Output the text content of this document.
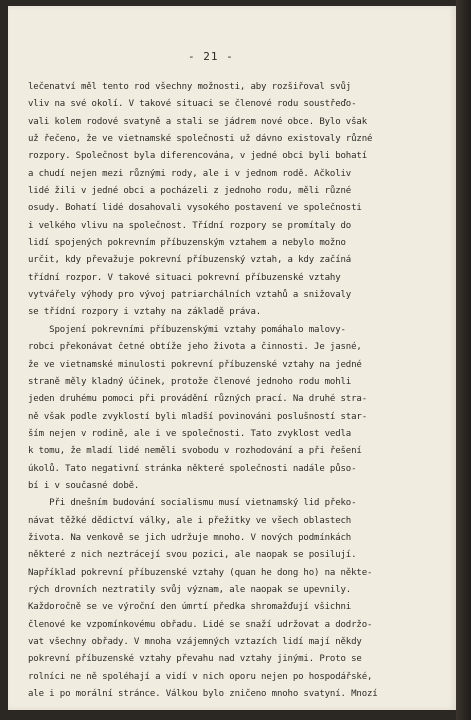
- 21 -
lečenatví měl tento rod všechny možnosti, aby rozšiřoval svůj
vliv na své okolí. V takové situaci se členové rodu soustřeďo-
vali kolem rodové svatyně a stali se jádrem nové obce. Bylo však
už řečeno, že ve vietnamské společnosti už dávno existovaly různé
rozpory. Společnost byla diferencována, v jedné obci byli bohatí
a chudí nejen mezi různými rody, ale i v jednom rodě. Ačkoliv
lidé žili v jedné obci a pocházeli z jednoho rodu, měli různé
osudy. Bohatí lidé dosahovali vysokého postavení ve společnosti
i velkého vlivu na společnost. Třídní rozpory se promítaly do
lidí spojených pokrevním příbuzenským vztahem a nebylo možno
určit, kdy převažuje pokrevní příbuzenský vztah, a kdy začíná
třídní rozpor. V takové situaci pokrevní příbuzenské vztahy
vytvářely výhody pro vývoj patriarchálních vztahů a snižovaly
se třídní rozpory i vztahy na základě práva.
Spojení pokrevními příbuzenskými vztahy pomáhalo malovy-
robci překonávat četné obtíže jeho života a činnosti. Je jasné,
že ve vietnamské minulosti pokrevní příbuzenské vztahy na jedné
straně měly kladný účinek, protože členové jednoho rodu mohli
jeden druhému pomoci při provádění různých prací. Na druhé stra-
ně však podle zvyklostí byli mladší povinováni poslušností star-
ším nejen v rodině, ale i ve společnosti. Tato zvyklost vedla
k tomu, že mladí lidé neměli svobodu v rozhodování a při řešení
úkolů. Tato negativní stránka některé společnosti nadále půso-
bí i v současné době.
Při dnešním budování socialismu musí vietnamský lid překo-
návat těžké dědictví války, ale i přežitky ve všech oblastech
života. Na venkově se jich udržuje mnoho. V nových podmínkách
některé z nich neztrácejí svou pozici, ale naopak se posilují.
Například pokrevní příbuzenské vztahy (quan he dong ho) na někte-
rých drovních neztratily svůj význam, ale naopak se upevnily.
Každoročně se ve výroční den úmrtí předka shromažďují všichni
členové ke vzpomínkovému obřadu. Lidé se snaží udržovat a dodržo-
vat všechny obřady. V mnoha vzájemných vztazích lidí mají někdy
pokrevní příbuzenské vztahy převahu nad vztahy jinými. Proto se
rolníci ne ně spoléhají a vidí v nich oporu nejen po hospodářské,
ale i po morální stránce. Válkou bylo zničeno mnoho svatyní. Mnozí
